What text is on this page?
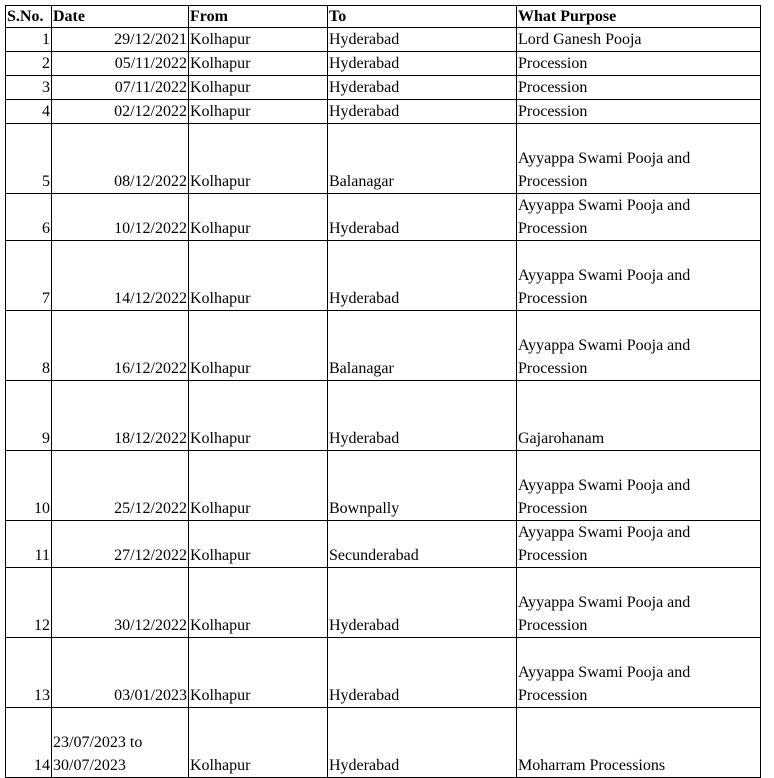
S.No.	Date	From	To	What Purpose
1	29/12/2021	Kolhapur	Hyderabad	Lord Ganesh Pooja
2	05/11/2022	Kolhapur	Hyderabad	Procession
3	07/11/2022	Kolhapur	Hyderabad	Procession
4	02/12/2022	Kolhapur	Hyderabad	Procession
5	08/12/2022	Kolhapur	Balanagar	Ayyappa Swami Pooja and Procession
6	10/12/2022	Kolhapur	Hyderabad	Ayyappa Swami Pooja and Procession
7	14/12/2022	Kolhapur	Hyderabad	Ayyappa Swami Pooja and Procession
8	16/12/2022	Kolhapur	Balanagar	Ayyappa Swami Pooja and Procession
9	18/12/2022	Kolhapur	Hyderabad	Gajarohanam
10	25/12/2022	Kolhapur	Bownpally	Ayyappa Swami Pooja and Procession
11	27/12/2022	Kolhapur	Secunderabad	Ayyappa Swami Pooja and Procession
12	30/12/2022	Kolhapur	Hyderabad	Ayyappa Swami Pooja and Procession
13	03/01/2023	Kolhapur	Hyderabad	Ayyappa Swami Pooja and Procession
14	23/07/2023 to 30/07/2023	Kolhapur	Hyderabad	Moharram Processions
